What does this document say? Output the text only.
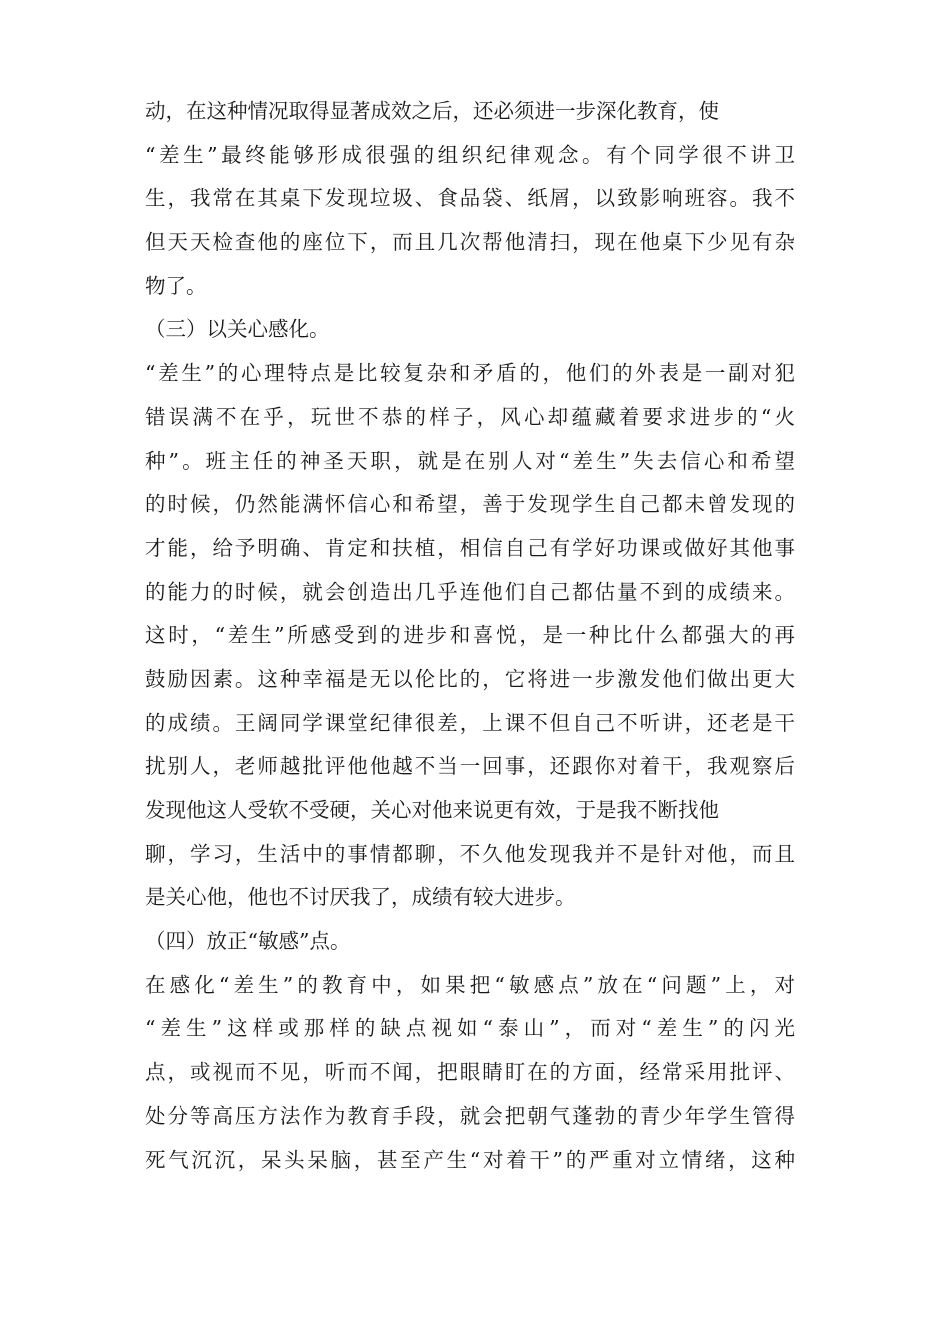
动，在这种情况取得显著成效之后，还必须进一步深化教育，使
“差生”最终能够形成很强的组织纪律观念。有个同学很不讲卫
生，我常在其桌下发现垃圾、食品袋、纸屑，以致影响班容。我不
但天天检查他的座位下，而且几次帮他清扫，现在他桌下少见有杂
物了。
（三）以关心感化。
“差生”的心理特点是比较复杂和矛盾的，他们的外表是一副对犯
错误满不在乎，玩世不恭的样子，风心却蕴藏着要求进步的“火
种”。班主任的神圣天职，就是在别人对“差生”失去信心和希望
的时候，仍然能满怀信心和希望，善于发现学生自己都未曾发现的
才能，给予明确、肯定和扶植，相信自己有学好功课或做好其他事
的能力的时候，就会创造出几乎连他们自己都估量不到的成绩来。
这时，“差生”所感受到的进步和喜悦，是一种比什么都强大的再
鼓励因素。这种幸福是无以伦比的，它将进一步激发他们做出更大
的成绩。王阔同学课堂纪律很差，上课不但自己不听讲，还老是干
扰别人，老师越批评他他越不当一回事，还跟你对着干，我观察后
发现他这人受软不受硬，关心对他来说更有效，于是我不断找他
聊，学习，生活中的事情都聊，不久他发现我并不是针对他，而且
是关心他，他也不讨厌我了，成绩有较大进步。
（四）放正“敏感”点。
在感化“差生”的教育中，如果把“敏感点”放在“问题”上，对
“差生”这样或那样的缺点视如“泰山”，而对“差生”的闪光
点，或视而不见，听而不闻，把眼睛盯在的方面，经常采用批评、
处分等高压方法作为教育手段，就会把朝气蓬勃的青少年学生管得
死气沉沉，呆头呆脑，甚至产生“对着干”的严重对立情绪，这种
